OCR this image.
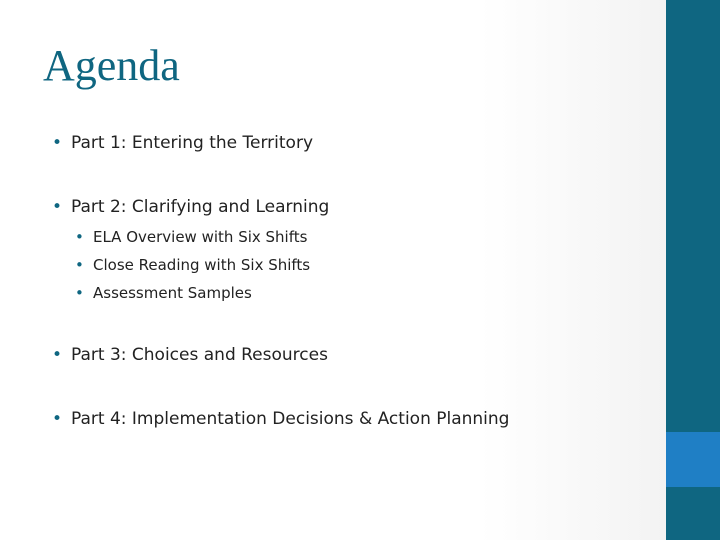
Agenda
• Part 1: Entering the Territory
• Part 2: Clarifying and Learning
• ELA Overview with Six Shifts
• Close Reading with Six Shifts
• Assessment Samples
• Part 3: Choices and Resources
• Part 4: Implementation Decisions & Action Planning
